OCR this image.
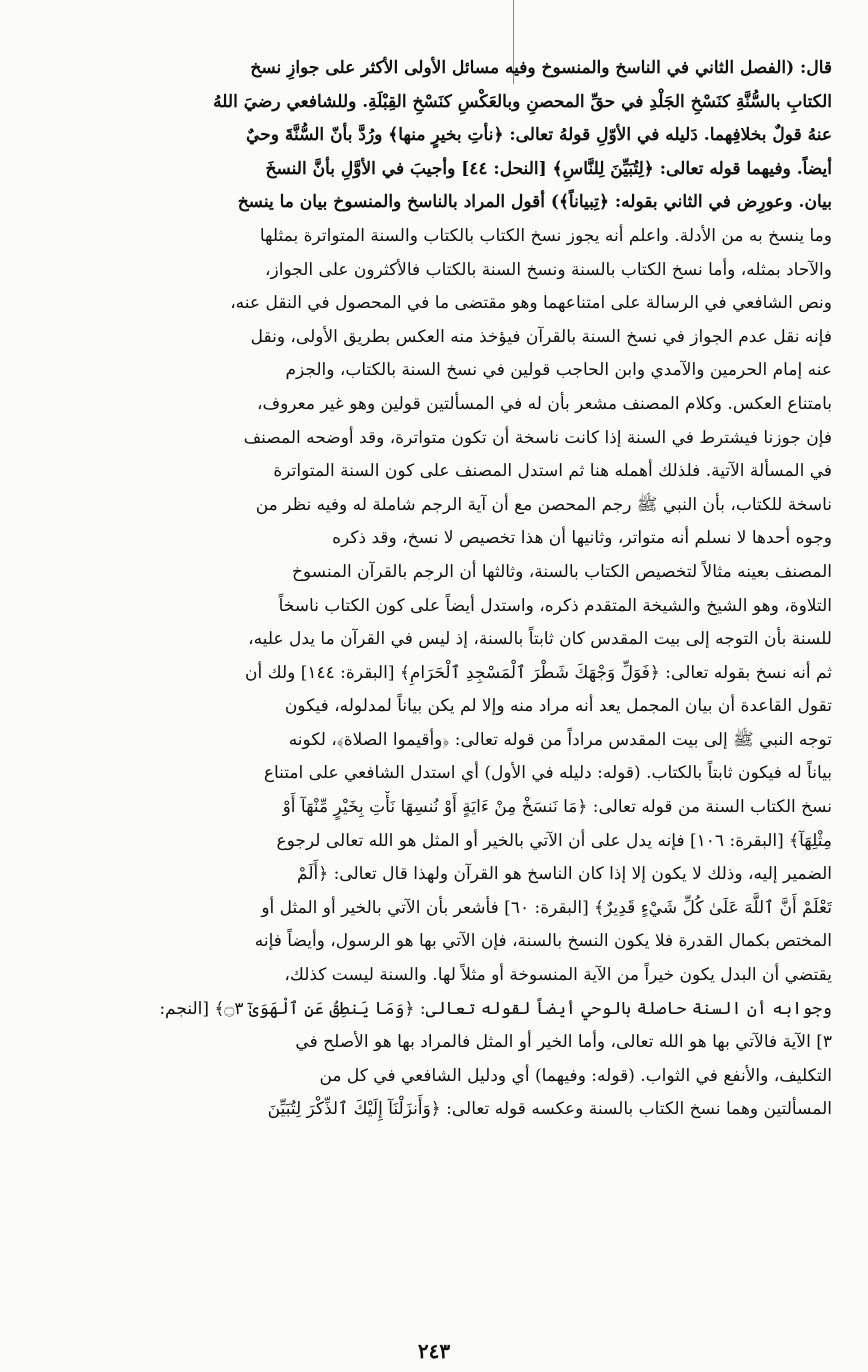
قال: (الفصل الثاني في الناسخ والمنسوخ وفيه مسائل الأولى الأكثر على جوازِ نسخ
الكتابِ بالسُّنَّةِ كنَسْخِ الجَلْدِ في حقِّ المحصنِ وبالعَكْسِ كنَسْخِ القِبْلَةِ. وللشافعي رضيَ اللهُ
عنهُ قولٌ بخلافِهما. دَليله في الأوّلِ قولهُ تعالى: ﴿نأتِ بخيرٍ منها﴾ ورُدَّ بأنّ السُّنَّةَ وحيٌ
أيضاً. وفيهما قوله تعالى: ﴿لِتُبَيِّنَ لِلنَّاسِ﴾ [النحل: ٤٤] وأجيبَ في الأوَّلِ بأنَّ النسخَ
بيان. وعورِض في الثاني بقوله: ﴿تِبياناً﴾) أقول المراد بالناسخ والمنسوخ بيان ما ينسخ
وما ينسخ به من الأدلة. واعلم أنه يجوز نسخ الكتاب بالكتاب والسنة المتواترة بمثلها
والآحاد بمثله، وأما نسخ الكتاب بالسنة ونسخ السنة بالكتاب فالأكثرون على الجواز،
ونص الشافعي في الرسالة على امتناعهما وهو مقتضى ما في المحصول في النقل عنه،
فإنه نقل عدم الجواز في نسخ السنة بالقرآن فيؤخذ منه العكس بطريق الأولى، ونقل
عنه إمام الحرمين والآمدي وابن الحاجب قولين في نسخ السنة بالكتاب، والجزم
بامتناع العكس. وكلام المصنف مشعر بأن له في المسألتين قولين وهو غير معروف،
فإن جوزنا فيشترط في السنة إذا كانت ناسخة أن تكون متواترة، وقد أوضحه المصنف
في المسألة الآتية. فلذلك أهمله هنا ثم استدل المصنف على كون السنة المتواترة
ناسخة للكتاب، بأن النبي ﷺ رجم المحصن مع أن آية الرجم شاملة له وفيه نظر من
وجوه أحدها لا نسلم أنه متواتر، وثانيها أن هذا تخصيص لا نسخ، وقد ذكره
المصنف بعينه مثالاً لتخصيص الكتاب بالسنة، وثالثها أن الرجم بالقرآن المنسوخ
التلاوة، وهو الشيخ والشيخة المتقدم ذكره، واستدل أيضاً على كون الكتاب ناسخاً
للسنة بأن التوجه إلى بيت المقدس كان ثابتاً بالسنة، إذ ليس في القرآن ما يدل عليه،
ثم أنه نسخ بقوله تعالى: ﴿فَوَلِّ وَجْهَكَ شَطْرَ ٱلْمَسْجِدِ ٱلْحَرَامِ﴾ [البقرة: ١٤٤] ولك أن
تقول القاعدة أن بيان المجمل يعد أنه مراد منه وإلا لم يكن بياناً لمدلوله، فيكون
توجه النبي ﷺ إلى بيت المقدس مراداً من قوله تعالى: ﴿وأقيموا الصلاة﴾، لكونه
بياناً له فيكون ثابتاً بالكتاب. (قوله: دليله في الأول) أي استدل الشافعي على امتناع
نسخ الكتاب السنة من قوله تعالى: ﴿مَا نَنسَخْ مِنْ ءَايَةٍ أَوْ نُنسِهَا نَأْتِ بِخَيْرٍ مِّنْهَآ أَوْ
مِثْلِهَآ﴾ [البقرة: ١٠٦] فإنه يدل على أن الآتي بالخير أو المثل هو الله تعالى لرجوع
الضمير إليه، وذلك لا يكون إلا إذا كان الناسخ هو القرآن ولهذا قال تعالى: ﴿أَلَمْ
تَعْلَمْ أَنَّ ٱللَّهَ عَلَىٰ كُلِّ شَيْءٍ قَدِيرٌ﴾ [البقرة: ٦٠] فأشعر بأن الآتي بالخير أو المثل أو
المختص بكمال القدرة فلا يكون النسخ بالسنة، فإن الآتي بها هو الرسول، وأيضاً فإنه
يقتضي أن البدل يكون خيراً من الآية المنسوخة أو مثلاً لها. والسنة ليست كذلك،
وجوابه أن السنة حاصلة بالوحي أيضاً لقوله تعالى: ﴿وَمَا يَنطِقُ عَنِ ٱلْهَوَىٰٓ ۝٣﴾ [النجم:
٣] الآية فالآتي بها هو الله تعالى، وأما الخير أو المثل فالمراد بها هو الأصلح في
التكليف، والأنفع في الثواب. (قوله: وفيهما) أي ودليل الشافعي في كل من
المسألتين وهما نسخ الكتاب بالسنة وعكسه قوله تعالى: ﴿وَأَنزَلْنَآ إِلَيْكَ ٱلذِّكْرَ لِتُبَيِّنَ
٢٤٣
